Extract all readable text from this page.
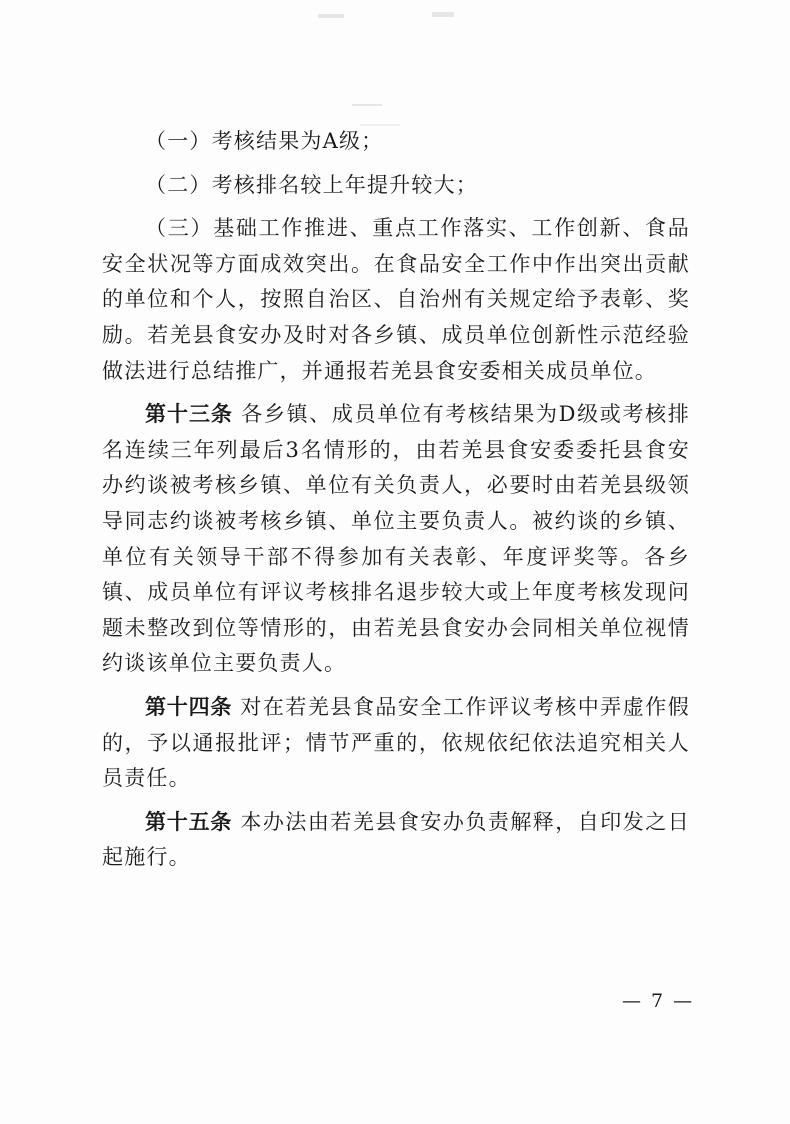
（一）考核结果为A级；

（二）考核排名较上年提升较大；

（三）基础工作推进、重点工作落实、工作创新、食品安全状况等方面成效突出。在食品安全工作中作出突出贡献的单位和个人，按照自治区、自治州有关规定给予表彰、奖励。若羌县食安办及时对各乡镇、成员单位创新性示范经验做法进行总结推广，并通报若羌县食安委相关成员单位。

第十三条 各乡镇、成员单位有考核结果为D级或考核排名连续三年列最后3名情形的，由若羌县食安委委托县食安办约谈被考核乡镇、单位有关负责人，必要时由若羌县级领导同志约谈被考核乡镇、单位主要负责人。被约谈的乡镇、单位有关领导干部不得参加有关表彰、年度评奖等。各乡镇、成员单位有评议考核排名退步较大或上年度考核发现问题未整改到位等情形的，由若羌县食安办会同相关单位视情约谈该单位主要负责人。

第十四条 对在若羌县食品安全工作评议考核中弄虚作假的，予以通报批评；情节严重的，依规依纪依法追究相关人员责任。

第十五条 本办法由若羌县食安办负责解释，自印发之日起施行。

— 7 —
